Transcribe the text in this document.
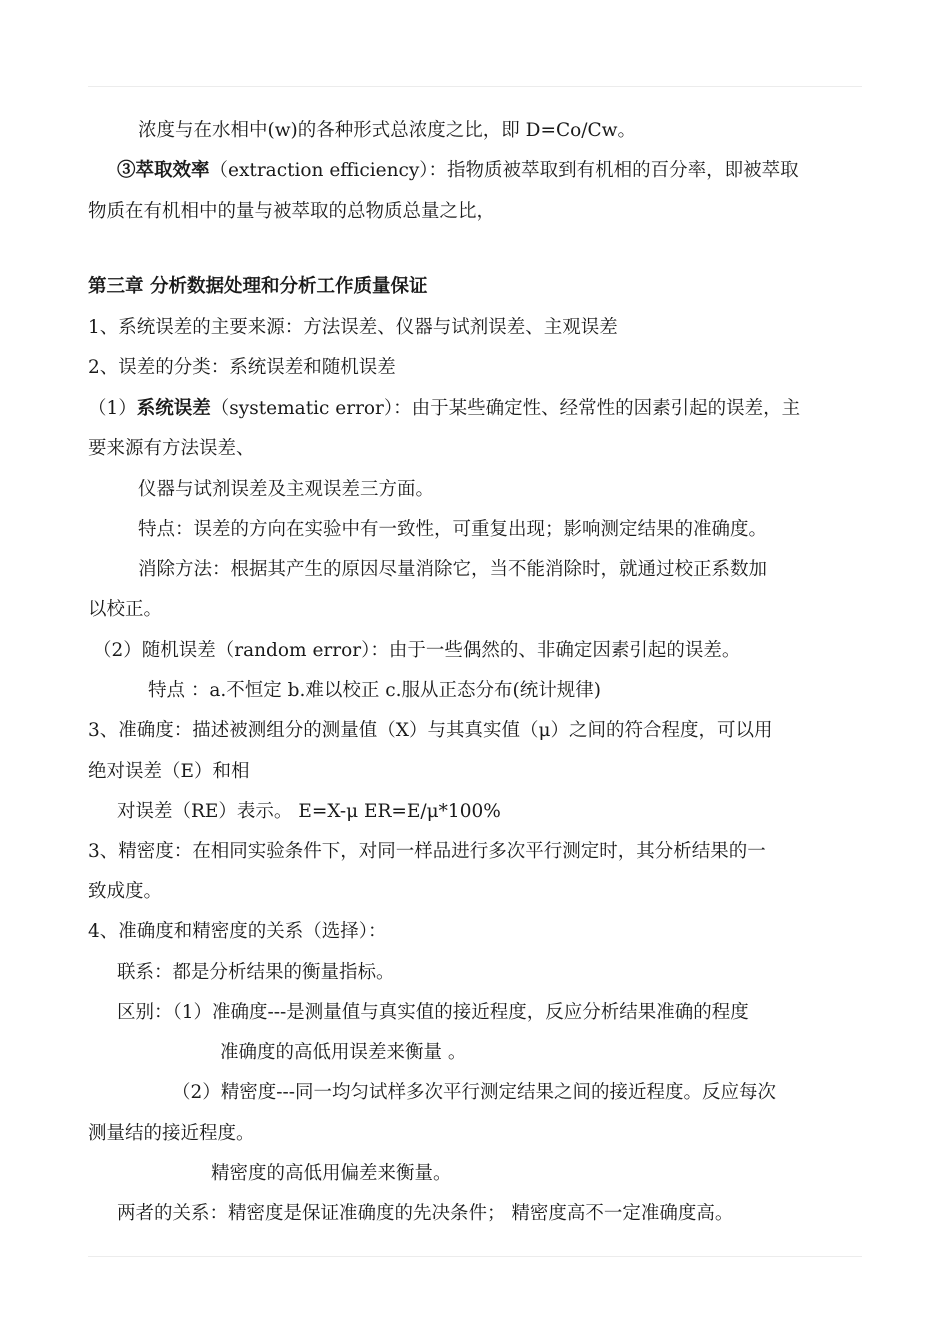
浓度与在水相中(w)的各种形式总浓度之比，即 D=Co/Cw。
③萃取效率（extraction efficiency）：指物质被萃取到有机相的百分率，即被萃取
物质在有机相中的量与被萃取的总物质总量之比，
第三章 分析数据处理和分析工作质量保证
1、系统误差的主要来源：方法误差、仪器与试剂误差、主观误差
2、误差的分类：系统误差和随机误差
（1）系统误差（systematic error）：由于某些确定性、经常性的因素引起的误差，主
要来源有方法误差、
仪器与试剂误差及主观误差三方面。
特点：误差的方向在实验中有一致性，可重复出现；影响测定结果的准确度。
消除方法：根据其产生的原因尽量消除它，当不能消除时，就通过校正系数加
以校正。
（2）随机误差（random error）：由于一些偶然的、非确定因素引起的误差。
特点 ：a.不恒定 b.难以校正 c.服从正态分布(统计规律)
3、准确度：描述被测组分的测量值（X）与其真实值（μ）之间的符合程度，可以用
绝对误差（E）和相
对误差（RE）表示。 E=X-μ ER=E/μ*100%
3、精密度：在相同实验条件下，对同一样品进行多次平行测定时，其分析结果的一
致成度。
4、准确度和精密度的关系（选择）：
联系：都是分析结果的衡量指标。
区别：（1）准确度---是测量值与真实值的接近程度，反应分析结果准确的程度
准确度的高低用误差来衡量 。
（2）精密度---同一均匀试样多次平行测定结果之间的接近程度。反应每次
测量结的接近程度。
精密度的高低用偏差来衡量。
两者的关系：精密度是保证准确度的先决条件； 精密度高不一定准确度高。
